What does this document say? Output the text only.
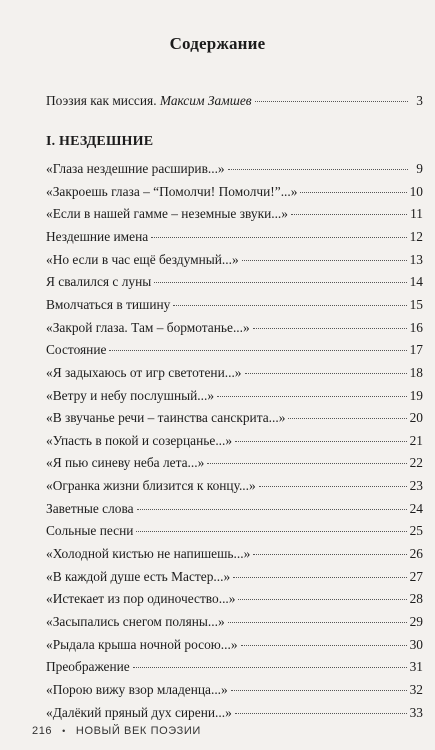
Содержание
Поэзия как миссия. Максим Замшев	3
I. НЕЗДЕШНИЕ
«Глаза нездешние расширив...»	9
«Закроешь глаза – “Помолчи! Помолчи!”...»	10
«Если в нашей гамме – неземные звуки...»	11
Нездешние имена	12
«Но если в час ещё бездумный...»	13
Я свалился с луны	14
Вмолчаться в тишину	15
«Закрой глаза. Там – бормотанье...»	16
Состояние	17
«Я задыхаюсь от игр светотени...»	18
«Ветру и небу послушный...»	19
«В звучанье речи – таинства санскрита...»	20
«Упасть в покой и созерцанье...»	21
«Я пью синеву неба лета...»	22
«Огранка жизни близится к концу...»	23
Заветные слова	24
Сольные песни	25
«Холодной кистью не напишешь...»	26
«В каждой душе есть Мастер...»	27
«Истекает из пор одиночество...»	28
«Засыпались снегом поляны...»	29
«Рыдала крыша ночной росою...»	30
Преображение	31
«Порою вижу взор младенца...»	32
«Далёкий пряный дух сирени...»	33
216 • НОВЫЙ ВЕК ПОЭЗИИ
